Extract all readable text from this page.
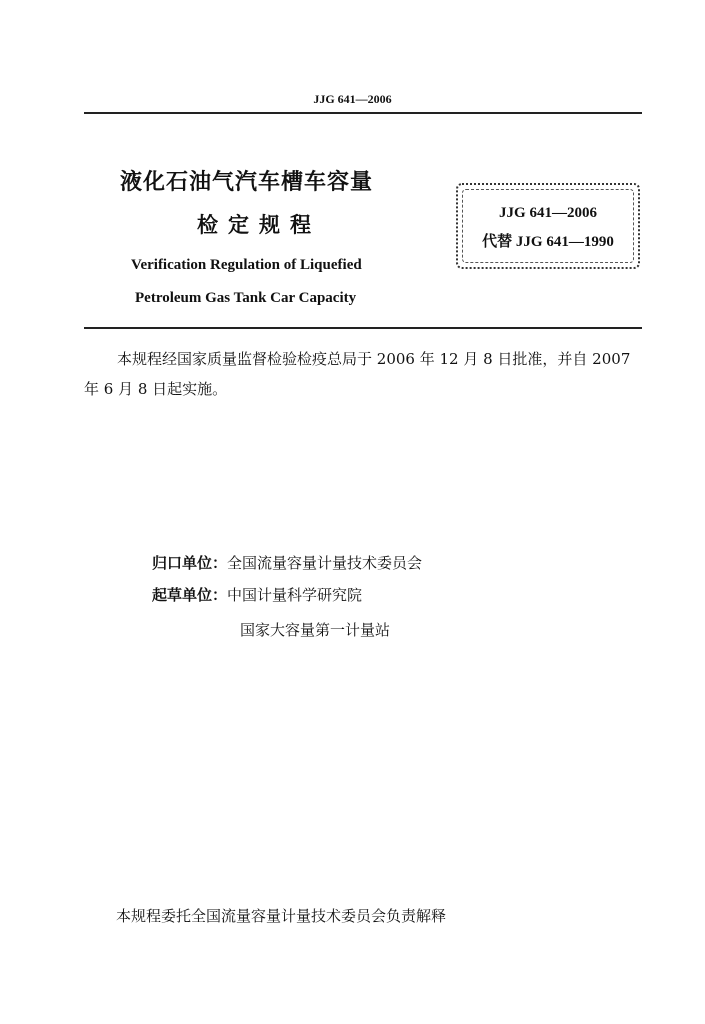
JJG 641—2006
液化石油气汽车槽车容量
检定规程
Verification Regulation of Liquefied
Petroleum Gas Tank Car Capacity
JJG 641—2006
代替 JJG 641—1990
本规程经国家质量监督检验检疫总局于 2006 年 12 月 8 日批准，并自 2007 年 6 月 8 日起实施。
归口单位：全国流量容量计量技术委员会
起草单位：中国计量科学研究院
国家大容量第一计量站
本规程委托全国流量容量计量技术委员会负责解释
